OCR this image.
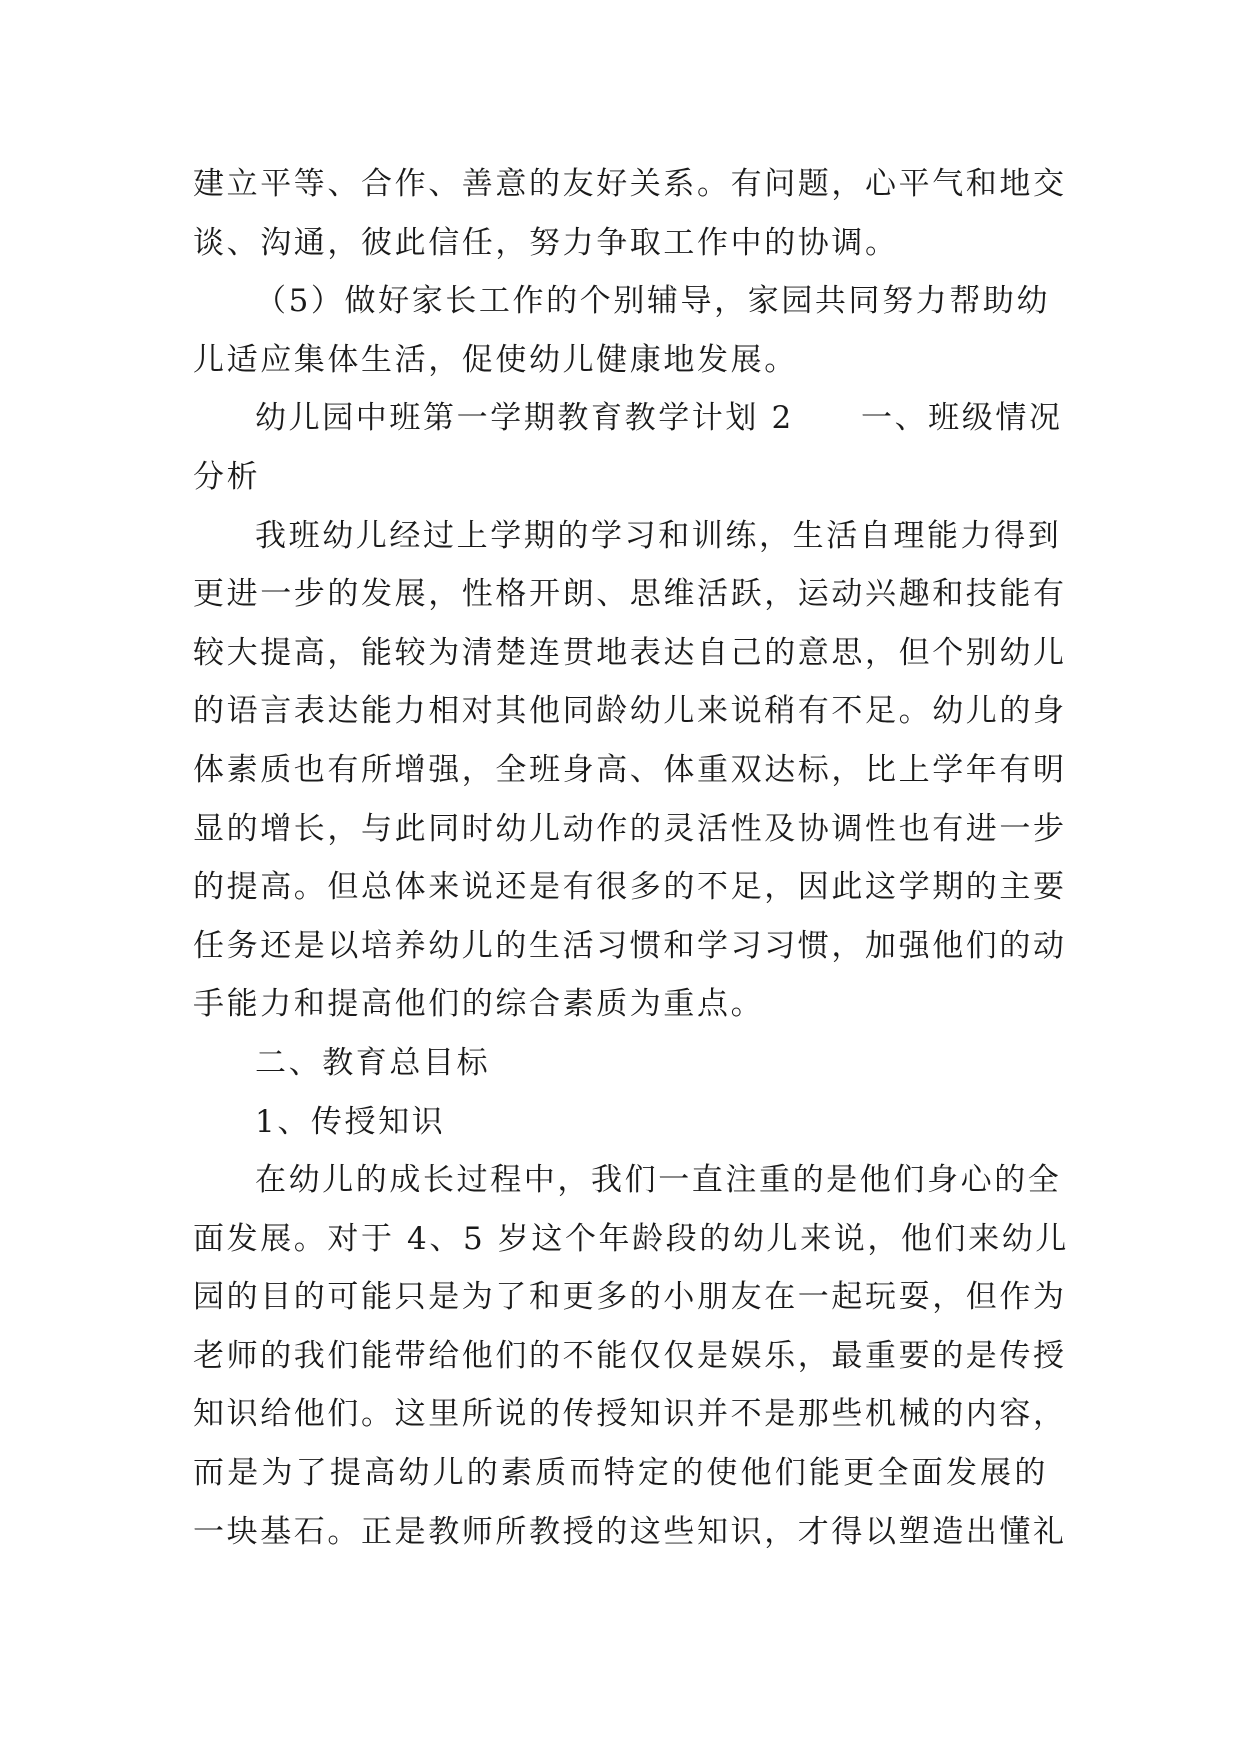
建立平等、合作、善意的友好关系。有问题，心平气和地交
谈、沟通，彼此信任，努力争取工作中的协调。
（5）做好家长工作的个别辅导，家园共同努力帮助幼
儿适应集体生活，促使幼儿健康地发展。
幼儿园中班第一学期教育教学计划 2　　一、班级情况
分析
我班幼儿经过上学期的学习和训练，生活自理能力得到
更进一步的发展，性格开朗、思维活跃，运动兴趣和技能有
较大提高，能较为清楚连贯地表达自己的意思，但个别幼儿
的语言表达能力相对其他同龄幼儿来说稍有不足。幼儿的身
体素质也有所增强，全班身高、体重双达标，比上学年有明
显的增长，与此同时幼儿动作的灵活性及协调性也有进一步
的提高。但总体来说还是有很多的不足，因此这学期的主要
任务还是以培养幼儿的生活习惯和学习习惯，加强他们的动
手能力和提高他们的综合素质为重点。
二、教育总目标
1、传授知识
在幼儿的成长过程中，我们一直注重的是他们身心的全
面发展。对于 4、5 岁这个年龄段的幼儿来说，他们来幼儿
园的目的可能只是为了和更多的小朋友在一起玩耍，但作为
老师的我们能带给他们的不能仅仅是娱乐，最重要的是传授
知识给他们。这里所说的传授知识并不是那些机械的内容，
而是为了提高幼儿的素质而特定的使他们能更全面发展的
一块基石。正是教师所教授的这些知识，才得以塑造出懂礼
